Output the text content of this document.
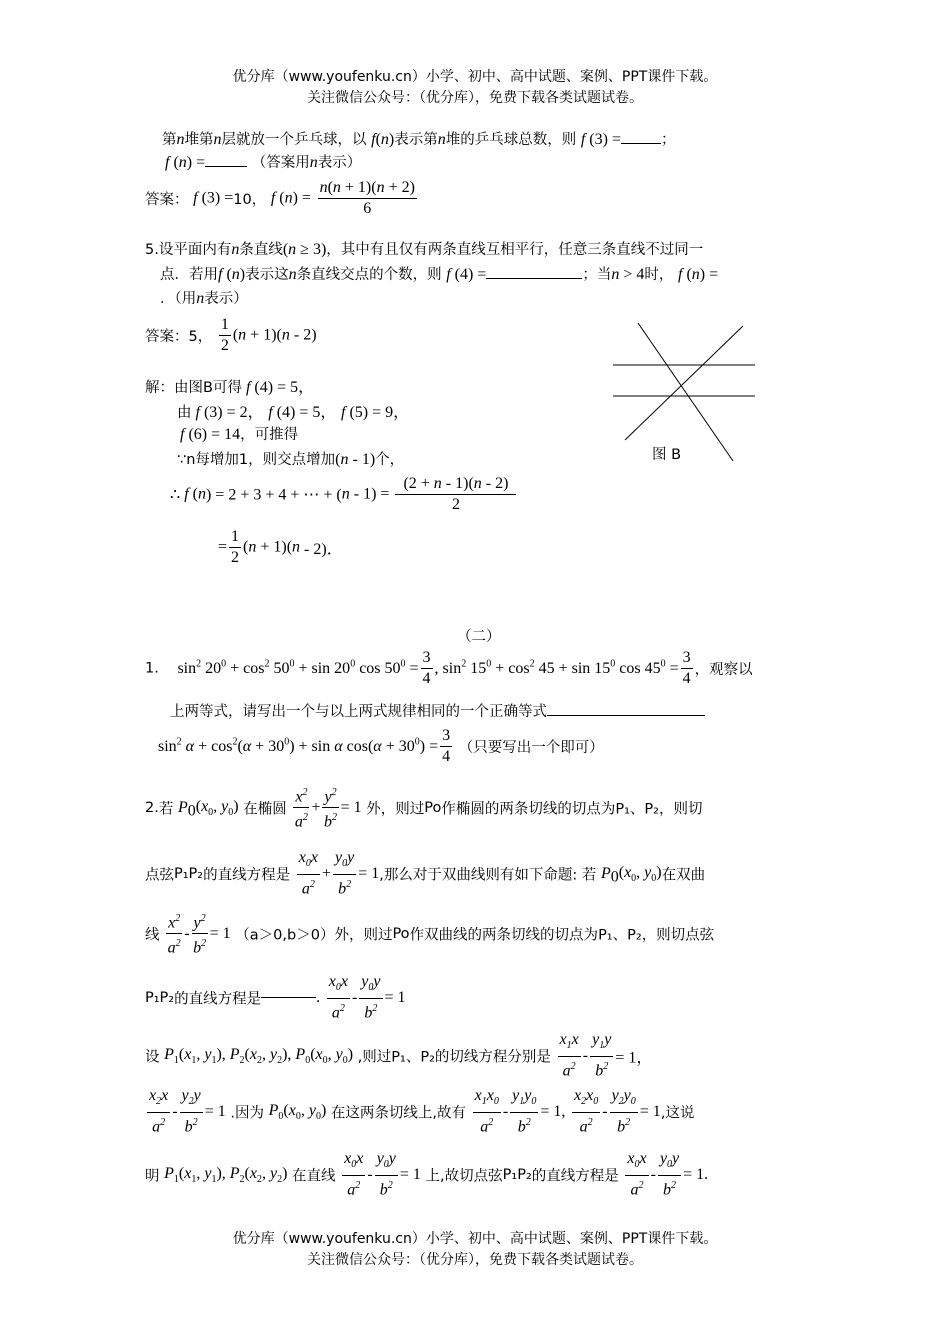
优分库（www.youfenku.cn）小学、初中、高中试题、案例、PPT课件下载。
关注微信公众号：（优分库），免费下载各类试题试卷。
第n堆第n层就放一个乒乓球，以 f(n)表示第n堆的乒乓球总数，则 f (3) =	；
f (n) =	（答案用n表示）
答案： f (3) =10， f $(n) = \frac{n(n + 1)(n + 2)}{6}$
5.设平面内有n条直线(n ≥ 3)，其中有且仅有两条直线互相平行，任意三条直线不过同一
点．若用f (n)表示这n条直线交点的个数，则 f (4) =	；当n > 4时， f (n) =
．（用n表示）
答案：5， $\frac{1}{2} (n + 1)(n - 2)$
解：由图B可得 f (4) = 5，
由 f (3) = 2， f (4) = 5， f (5) = 9，
f (6) = 14，可推得
∵n每增加1，则交点增加(n - 1)个，
∴ f (n) = 2 + 3 + 4 + ⋯ + $(n - 1) = \frac{(2 + n - 1)(n - 2)}{2}$
= $\frac{1}{2} (n + 1)(n - 2)$．
图 B
（二）
1. $\sin^2 20^0 + \cos^2 50^0 + \sin 20^0$ $\cos 50^0 = \frac{3}{4}$ , $\sin^2 15^0 + \cos^2 45 + \sin 15^0$ $\cos 45^0 = \frac{3}{4}$ ，观察以
上两等式，请写出一个与以上两式规律相同的一个正确等式
$\sin^2 \alpha + \cos^2(\alpha + 30^0) + \sin \alpha$ $\cos(\alpha + 30^0) = \frac{3}{4}$ （只要写出一个即可）
2.若 $P_0(x_0$, $y_0$) 在椭圆 $\frac{x^2}{a^2} + \frac{y^2}{b^2} = 1$ 外，则过Po作椭圆的两条切线的切点为P₁、P₂，则切
点弦P₁P₂的直线方程是 $\frac{x_0x}{a^2} + \frac{y_0y}{b^2} = 1$,那么对于双曲线则有如下命题: 若 $P_0(x_0$, $y_0$)在双曲
线 $\frac{x^2}{a^2} - \frac{y^2}{b^2} = 1$ （a＞0,b＞0）外，则过Po作双曲线的两条切线的切点为P₁、P₂，则切点弦
P₁P₂的直线方程是	. $\frac{x_0x}{a^2} - \frac{y_0y}{b^2} = 1$
设 $P_1(x_1$, $y_1$), $P_2(x_2$, $y_2$), $P_0(x_0$, $y_0$) ,则过P₁、P₂的切线方程分别是 $\frac{x_1x}{a^2} - \frac{y_1y}{b^2} = 1$，
$\frac{x_2x}{a^2} - \frac{y_2y}{b^2} = 1$ .因为 $P_0(x_0$, $y_0$) 在这两条切线上,故有 $\frac{x_1x_0}{a^2} - \frac{y_1y_0}{b^2} = 1$, $\frac{x_2x_0}{a^2} - \frac{y_2y_0}{b^2} = 1$,这说
明 $P_1(x_1$, $y_1$), $P_2(x_2$, $y_2$) 在直线 $\frac{x_0x}{a^2} - \frac{y_0y}{b^2} = 1$ 上,故切点弦P₁P₂的直线方程是 $\frac{x_0x}{a^2} - \frac{y_0y}{b^2} = 1$.
优分库（www.youfenku.cn）小学、初中、高中试题、案例、PPT课件下载。
关注微信公众号：（优分库），免费下载各类试题试卷。
